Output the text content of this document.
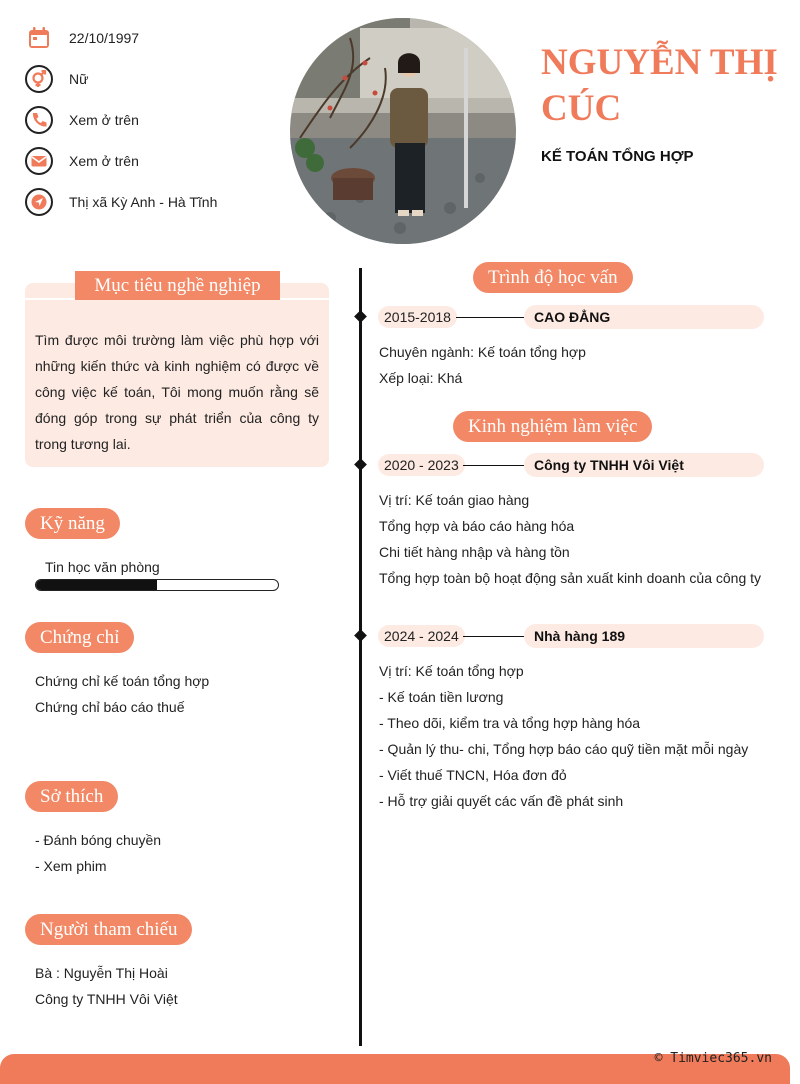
22/10/1997
Nữ
Xem ở trên
Xem ở trên
Thị xã Kỳ Anh - Hà Tĩnh
NGUYỄN THỊ
CÚC
KẾ TOÁN TỔNG HỢP
Mục tiêu nghề nghiệp
Tìm được môi trường làm việc phù hợp với những kiến thức và kinh nghiệm có được về công việc kế toán, Tôi mong muốn rằng sẽ đóng góp trong sự phát triển của công ty trong tương lai.
Kỹ năng
Tin học văn phòng
Chứng chỉ
Chứng chỉ kế toán tổng hợp
Chứng chỉ báo cáo thuế
Sở thích
- Đánh bóng chuyền
- Xem phim
Người tham chiếu
Bà : Nguyễn Thị Hoài
Công ty TNHH Vôi Việt
Trình độ học vấn
2015-2018	CAO ĐẲNG
Chuyên ngành: Kế toán tổng hợp
Xếp loại: Khá
Kinh nghiệm làm việc
2020 - 2023	Công ty TNHH Vôi Việt
Vị trí: Kế toán giao hàng
Tổng hợp và báo cáo hàng hóa
Chi tiết hàng nhập và hàng tồn
Tổng hợp toàn bộ hoạt động sản xuất kinh doanh của công ty
2024 - 2024	Nhà hàng 189
Vị trí: Kế toán tổng hợp
- Kế toán tiền lương
- Theo dõi, kiểm tra và tổng hợp hàng hóa
- Quản lý thu- chi, Tổng hợp báo cáo quỹ tiền mặt mỗi ngày
- Viết thuế TNCN, Hóa đơn đỏ
- Hỗ trợ giải quyết các vấn đề phát sinh
© Timviec365.vn
